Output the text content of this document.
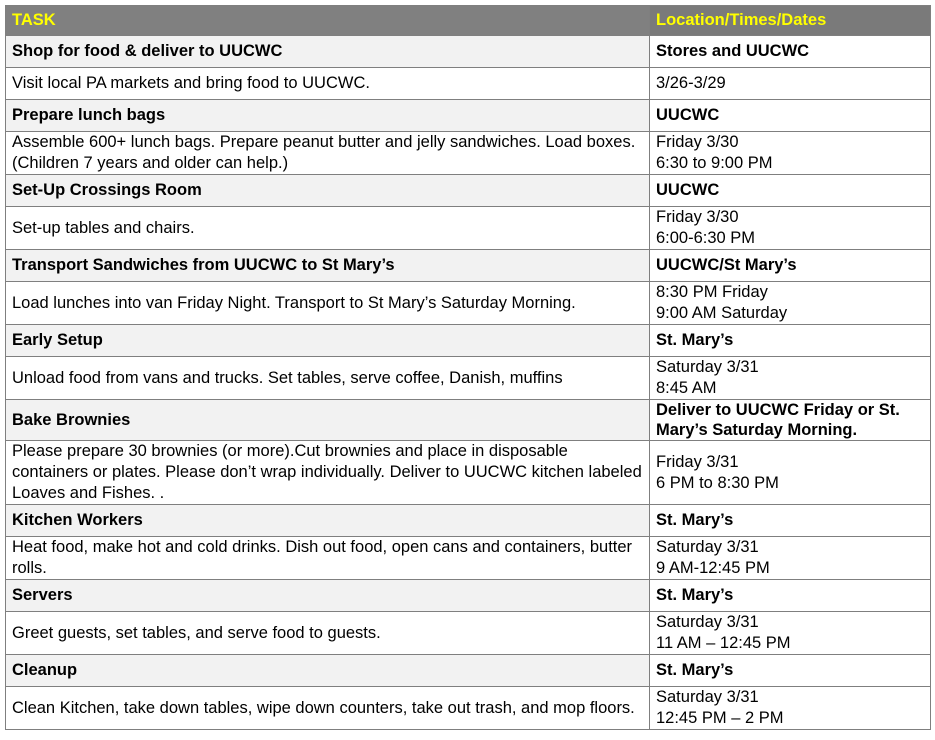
TASK	Location/Times/Dates
Shop for food & deliver to UUCWC	Stores and UUCWC
Visit local PA markets and bring food to UUCWC.	3/26-3/29
Prepare lunch bags	UUCWC
Assemble 600+ lunch bags. Prepare peanut butter and jelly sandwiches. Load boxes. (Children 7 years and older can help.)	Friday 3/30
6:30 to 9:00 PM
Set-Up Crossings Room	UUCWC
Set-up tables and chairs.	Friday 3/30
6:00-6:30 PM
Transport Sandwiches from UUCWC to St Mary’s	UUCWC/St Mary’s
Load lunches into van Friday Night. Transport to St Mary’s Saturday Morning.	8:30 PM Friday
9:00 AM Saturday
Early Setup	St. Mary’s
Unload food from vans and trucks. Set tables, serve coffee, Danish, muffins	Saturday 3/31
8:45 AM
Bake Brownies	Deliver to UUCWC Friday or St. Mary’s Saturday Morning.
Please prepare 30 brownies (or more).Cut brownies and place in disposable containers or plates. Please don’t wrap individually. Deliver to UUCWC kitchen labeled Loaves and Fishes. .	Friday 3/31
6 PM to 8:30 PM
Kitchen Workers	St. Mary’s
Heat food, make hot and cold drinks. Dish out food, open cans and containers, butter rolls.	Saturday 3/31
9 AM-12:45 PM
Servers	St. Mary’s
Greet guests, set tables, and serve food to guests.	Saturday 3/31
11 AM – 12:45 PM
Cleanup	St. Mary’s
Clean Kitchen, take down tables, wipe down counters, take out trash, and mop floors.	Saturday 3/31
12:45 PM – 2 PM
